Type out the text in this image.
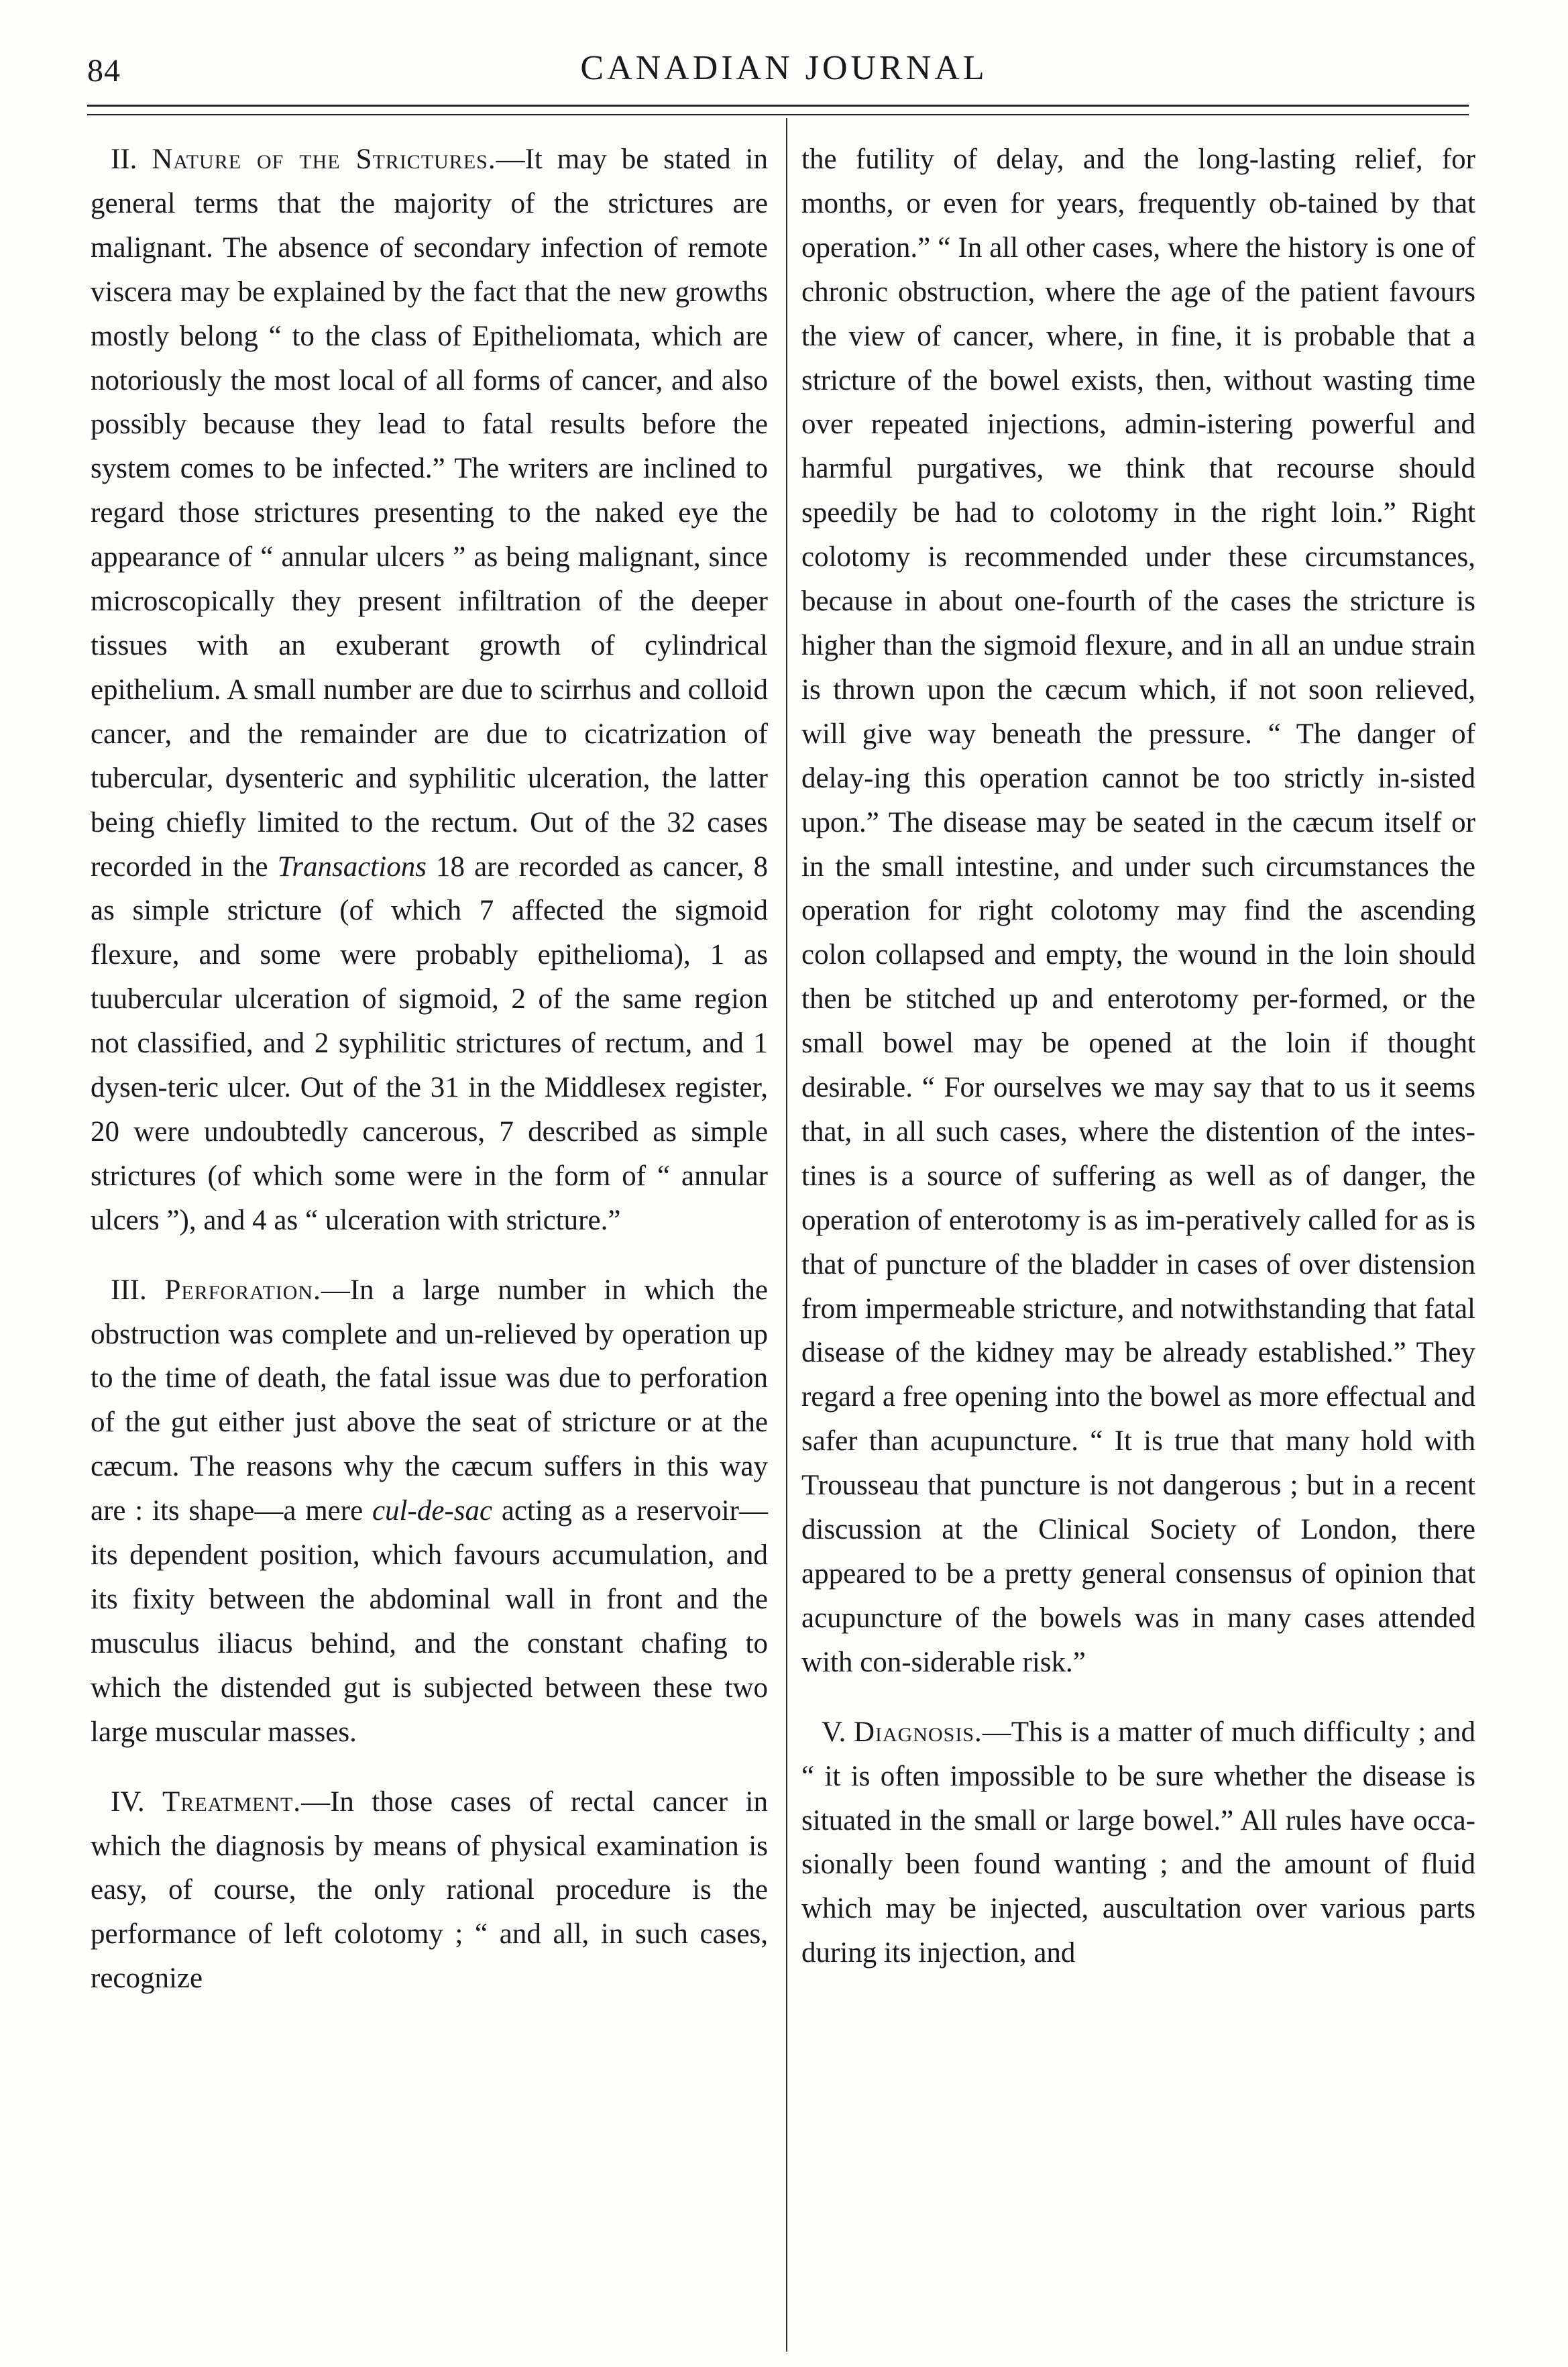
84	CANADIAN JOURNAL

II. Nature of the Strictures.—It may be stated in general terms that the majority of the strictures are malignant. The absence of secondary infection of remote viscera may be explained by the fact that the new growths mostly belong “ to the class of Epitheliomata, which are notoriously the most local of all forms of cancer, and also possibly because they lead to fatal results before the system comes to be infected.” The writers are inclined to regard those strictures presenting to the naked eye the appearance of “ annular ulcers ” as being malignant, since microscopically they present infiltration of the deeper tissues with an exuberant growth of cylindrical epithelium. A small number are due to scirrhus and colloid cancer, and the remainder are due to cicatrization of tubercular, dysenteric and syphilitic ulceration, the latter being chiefly limited to the rectum. Out of the 32 cases recorded in the Transactions 18 are recorded as cancer, 8 as simple stricture (of which 7 affected the sigmoid flexure, and some were probably epithelioma), 1 as tuubercular ulceration of sigmoid, 2 of the same region not classified, and 2 syphilitic strictures of rectum, and 1 dysen-teric ulcer. Out of the 31 in the Middlesex register, 20 were undoubtedly cancerous, 7 described as simple strictures (of which some were in the form of “ annular ulcers ”), and 4 as “ ulceration with stricture.”

III. Perforation.—In a large number in which the obstruction was complete and un-relieved by operation up to the time of death, the fatal issue was due to perforation of the gut either just above the seat of stricture or at the cæcum. The reasons why the cæcum suffers in this way are : its shape—a mere cul-de-sac acting as a reservoir—its dependent position, which favours accumulation, and its fixity between the abdominal wall in front and the musculus iliacus behind, and the constant chafing to which the distended gut is subjected between these two large muscular masses.

IV. Treatment.—In those cases of rectal cancer in which the diagnosis by means of physical examination is easy, of course, the only rational procedure is the performance of left colotomy ; “ and all, in such cases, recognize

the futility of delay, and the long-lasting relief, for months, or even for years, frequently ob-tained by that operation.” “ In all other cases, where the history is one of chronic obstruction, where the age of the patient favours the view of cancer, where, in fine, it is probable that a stricture of the bowel exists, then, without wasting time over repeated injections, admin-istering powerful and harmful purgatives, we think that recourse should speedily be had to colotomy in the right loin.” Right colotomy is recommended under these circumstances, because in about one-fourth of the cases the stricture is higher than the sigmoid flexure, and in all an undue strain is thrown upon the cæcum which, if not soon relieved, will give way beneath the pressure. “ The danger of delay-ing this operation cannot be too strictly in-sisted upon.” The disease may be seated in the cæcum itself or in the small intestine, and under such circumstances the operation for right colotomy may find the ascending colon collapsed and empty, the wound in the loin should then be stitched up and enterotomy per-formed, or the small bowel may be opened at the loin if thought desirable. “ For ourselves we may say that to us it seems that, in all such cases, where the distention of the intes-tines is a source of suffering as well as of danger, the operation of enterotomy is as im-peratively called for as is that of puncture of the bladder in cases of over distension from impermeable stricture, and notwithstanding that fatal disease of the kidney may be already established.” They regard a free opening into the bowel as more effectual and safer than acupuncture. “ It is true that many hold with Trousseau that puncture is not dangerous ; but in a recent discussion at the Clinical Society of London, there appeared to be a pretty general consensus of opinion that acupuncture of the bowels was in many cases attended with con-siderable risk.”

V. Diagnosis.—This is a matter of much difficulty ; and “ it is often impossible to be sure whether the disease is situated in the small or large bowel.” All rules have occa-sionally been found wanting ; and the amount of fluid which may be injected, auscultation over various parts during its injection, and
